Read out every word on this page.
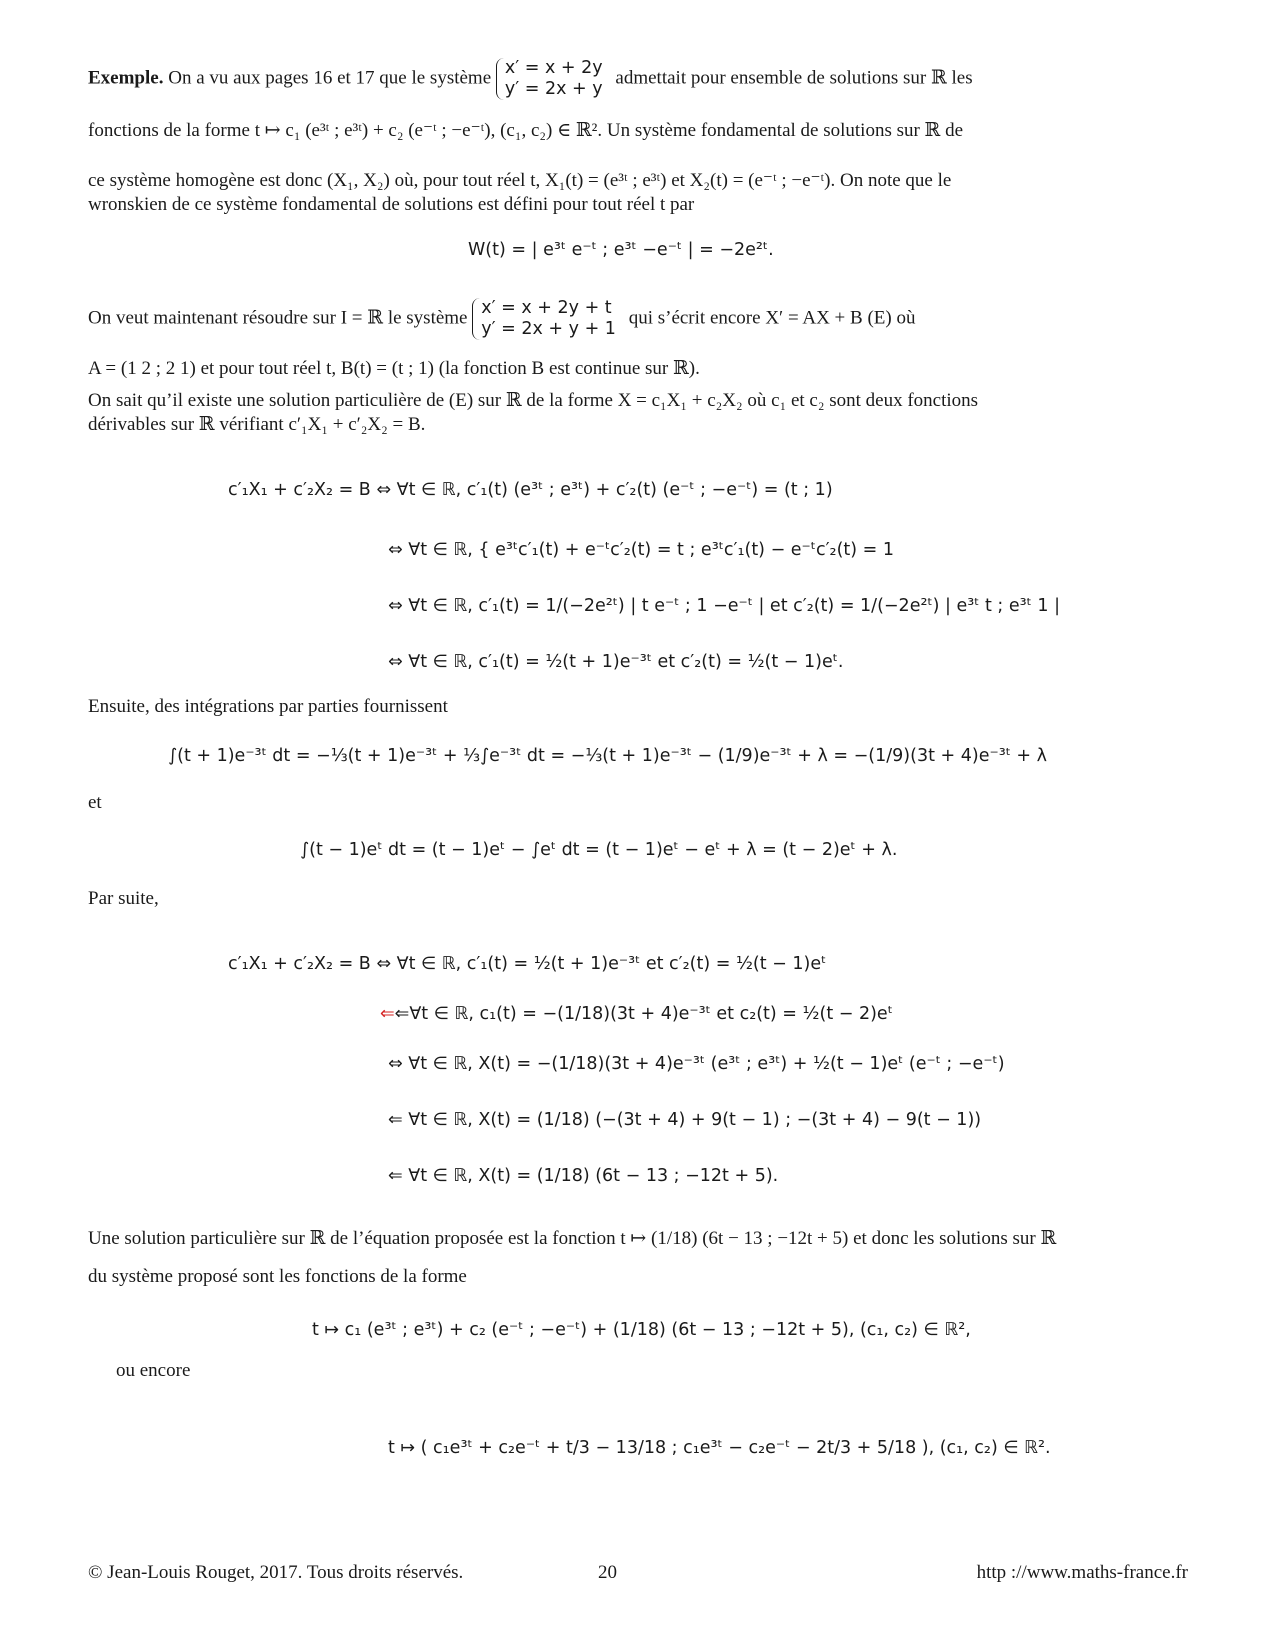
Exemple. On a vu aux pages 16 et 17 que le système x′ = x + 2y
y′ = 2x + y
admettait pour ensemble de solutions sur ℝ les
fonctions de la forme t ↦ c₁ (e³ᵗ ; e³ᵗ) + c₂ (e⁻ᵗ ; −e⁻ᵗ), (c₁, c₂) ∈ ℝ². Un système fondamental de solutions sur ℝ de
ce système homogène est donc (X₁, X₂) où, pour tout réel t, X₁(t) = (e³ᵗ ; e³ᵗ) et X₂(t) = (e⁻ᵗ ; −e⁻ᵗ). On note que le
wronskien de ce système fondamental de solutions est défini pour tout réel t par
W(t) = | e³ᵗ e⁻ᵗ ; e³ᵗ −e⁻ᵗ | = −2e²ᵗ.
On veut maintenant résoudre sur I = ℝ le système x′ = x + 2y + t
y′ = 2x + y + 1
qui s’écrit encore X′ = AX + B (E) où
A = (1 2 ; 2 1) et pour tout réel t, B(t) = (t ; 1) (la fonction B est continue sur ℝ).
On sait qu’il existe une solution particulière de (E) sur ℝ de la forme X = c₁X₁ + c₂X₂ où c₁ et c₂ sont deux fonctions
dérivables sur ℝ vérifiant c′₁X₁ + c′₂X₂ = B.
c′₁X₁ + c′₂X₂ = B ⇔ ∀t ∈ ℝ, c′₁(t) (e³ᵗ ; e³ᵗ) + c′₂(t) (e⁻ᵗ ; −e⁻ᵗ) = (t ; 1)
⇔ ∀t ∈ ℝ, { e³ᵗc′₁(t) + e⁻ᵗc′₂(t) = t ; e³ᵗc′₁(t) − e⁻ᵗc′₂(t) = 1
⇔ ∀t ∈ ℝ, c′₁(t) = 1/(−2e²ᵗ) | t e⁻ᵗ ; 1 −e⁻ᵗ | et c′₂(t) = 1/(−2e²ᵗ) | e³ᵗ t ; e³ᵗ 1 |
⇔ ∀t ∈ ℝ, c′₁(t) = ½(t + 1)e⁻³ᵗ et c′₂(t) = ½(t − 1)eᵗ.
Ensuite, des intégrations par parties fournissent
∫(t + 1)e⁻³ᵗ dt = −⅓(t + 1)e⁻³ᵗ + ⅓∫e⁻³ᵗ dt = −⅓(t + 1)e⁻³ᵗ − (1/9)e⁻³ᵗ + λ = −(1/9)(3t + 4)e⁻³ᵗ + λ
et
∫(t − 1)eᵗ dt = (t − 1)eᵗ − ∫eᵗ dt = (t − 1)eᵗ − eᵗ + λ = (t − 2)eᵗ + λ.
Par suite,
c′₁X₁ + c′₂X₂ = B ⇔ ∀t ∈ ℝ, c′₁(t) = ½(t + 1)e⁻³ᵗ et c′₂(t) = ½(t − 1)eᵗ
⇐⇐∀t ∈ ℝ, c₁(t) = −(1/18)(3t + 4)e⁻³ᵗ et c₂(t) = ½(t − 2)eᵗ
⇔ ∀t ∈ ℝ, X(t) = −(1/18)(3t + 4)e⁻³ᵗ (e³ᵗ ; e³ᵗ) + ½(t − 1)eᵗ (e⁻ᵗ ; −e⁻ᵗ)
⇐ ∀t ∈ ℝ, X(t) = (1/18) (−(3t + 4) + 9(t − 1) ; −(3t + 4) − 9(t − 1))
⇐ ∀t ∈ ℝ, X(t) = (1/18) (6t − 13 ; −12t + 5).
Une solution particulière sur ℝ de l’équation proposée est la fonction t ↦ (1/18) (6t − 13 ; −12t + 5) et donc les solutions sur ℝ
du système proposé sont les fonctions de la forme
t ↦ c₁ (e³ᵗ ; e³ᵗ) + c₂ (e⁻ᵗ ; −e⁻ᵗ) + (1/18) (6t − 13 ; −12t + 5), (c₁, c₂) ∈ ℝ²,
ou encore
t ↦ ( c₁e³ᵗ + c₂e⁻ᵗ + t/3 − 13/18 ; c₁e³ᵗ − c₂e⁻ᵗ − 2t/3 + 5/18 ), (c₁, c₂) ∈ ℝ².
© Jean-Louis Rouget, 2017. Tous droits réservés.	20	http ://www.maths-france.fr
